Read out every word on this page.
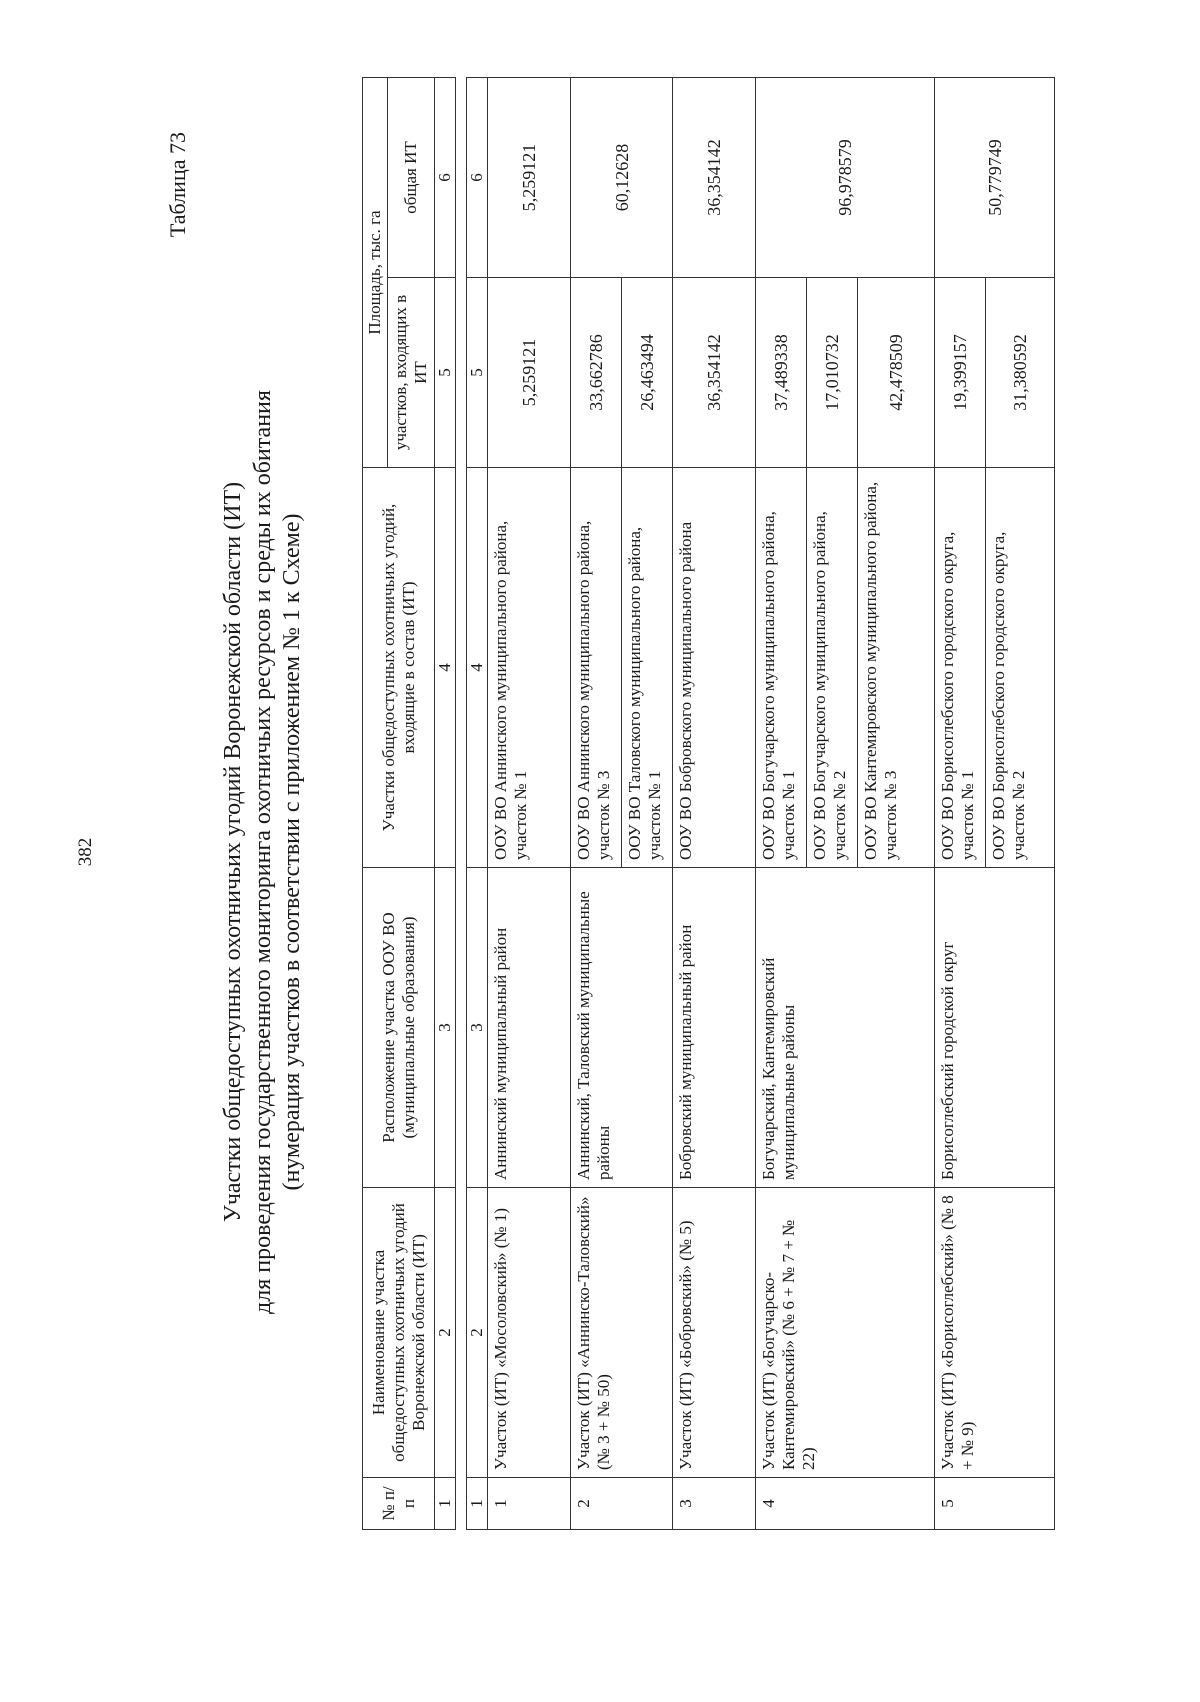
382
Таблица 73
Участки общедоступных охотничьих угодий Воронежской области (ИТ) для проведения государственного мониторинга охотничьих ресурсов и среды их обитания (нумерация участков в соответствии с приложением № 1 к Схеме)
№ п/п	Наименование участка общедоступных охотничьих угодий Воронежской области (ИТ)	Расположение участка ООУ ВО (муниципальные образования)	Участки общедоступных охотничьих угодий, входящие в состав (ИТ)	Площадь, тыс. га	
				участков, входящих в ИТ	общая ИТ
1	2	3	4	5	6

1	2	3	4	5	6
1	Участок (ИТ) «Мосоловский» (№ 1)	Аннинский муниципальный район	ООУ ВО Аннинского муниципального района, участок № 1	5,259121	5,259121
2	Участок (ИТ) «Аннинско-Таловский» (№ 3 + № 50)	Аннинский, Таловский муниципальные районы	ООУ ВО Аннинского муниципального района, участок № 3	33,662786	60,12628
			ООУ ВО Таловского муниципального района, участок № 1	26,463494	
3	Участок (ИТ) «Бобровский» (№ 5)	Бобровский муниципальный район	ООУ ВО Бобровского муниципального района	36,354142	36,354142
4	Участок (ИТ) «Богучарско-Кантемировский» (№ 6 + № 7 + № 22)	Богучарский, Кантемировский муниципальные районы	ООУ ВО Богучарского муниципального района, участок № 1	37,489338	96,978579
			ООУ ВО Богучарского муниципального района, участок № 2	17,010732	
			ООУ ВО Кантемировского муниципального района, участок № 3	42,478509	
5	Участок (ИТ) «Борисоглебский» (№ 8 + № 9)	Борисоглебский городской округ	ООУ ВО Борисоглебского городского округа, участок № 1	19,399157	50,779749
			ООУ ВО Борисоглебского городского округа, участок № 2	31,380592	
